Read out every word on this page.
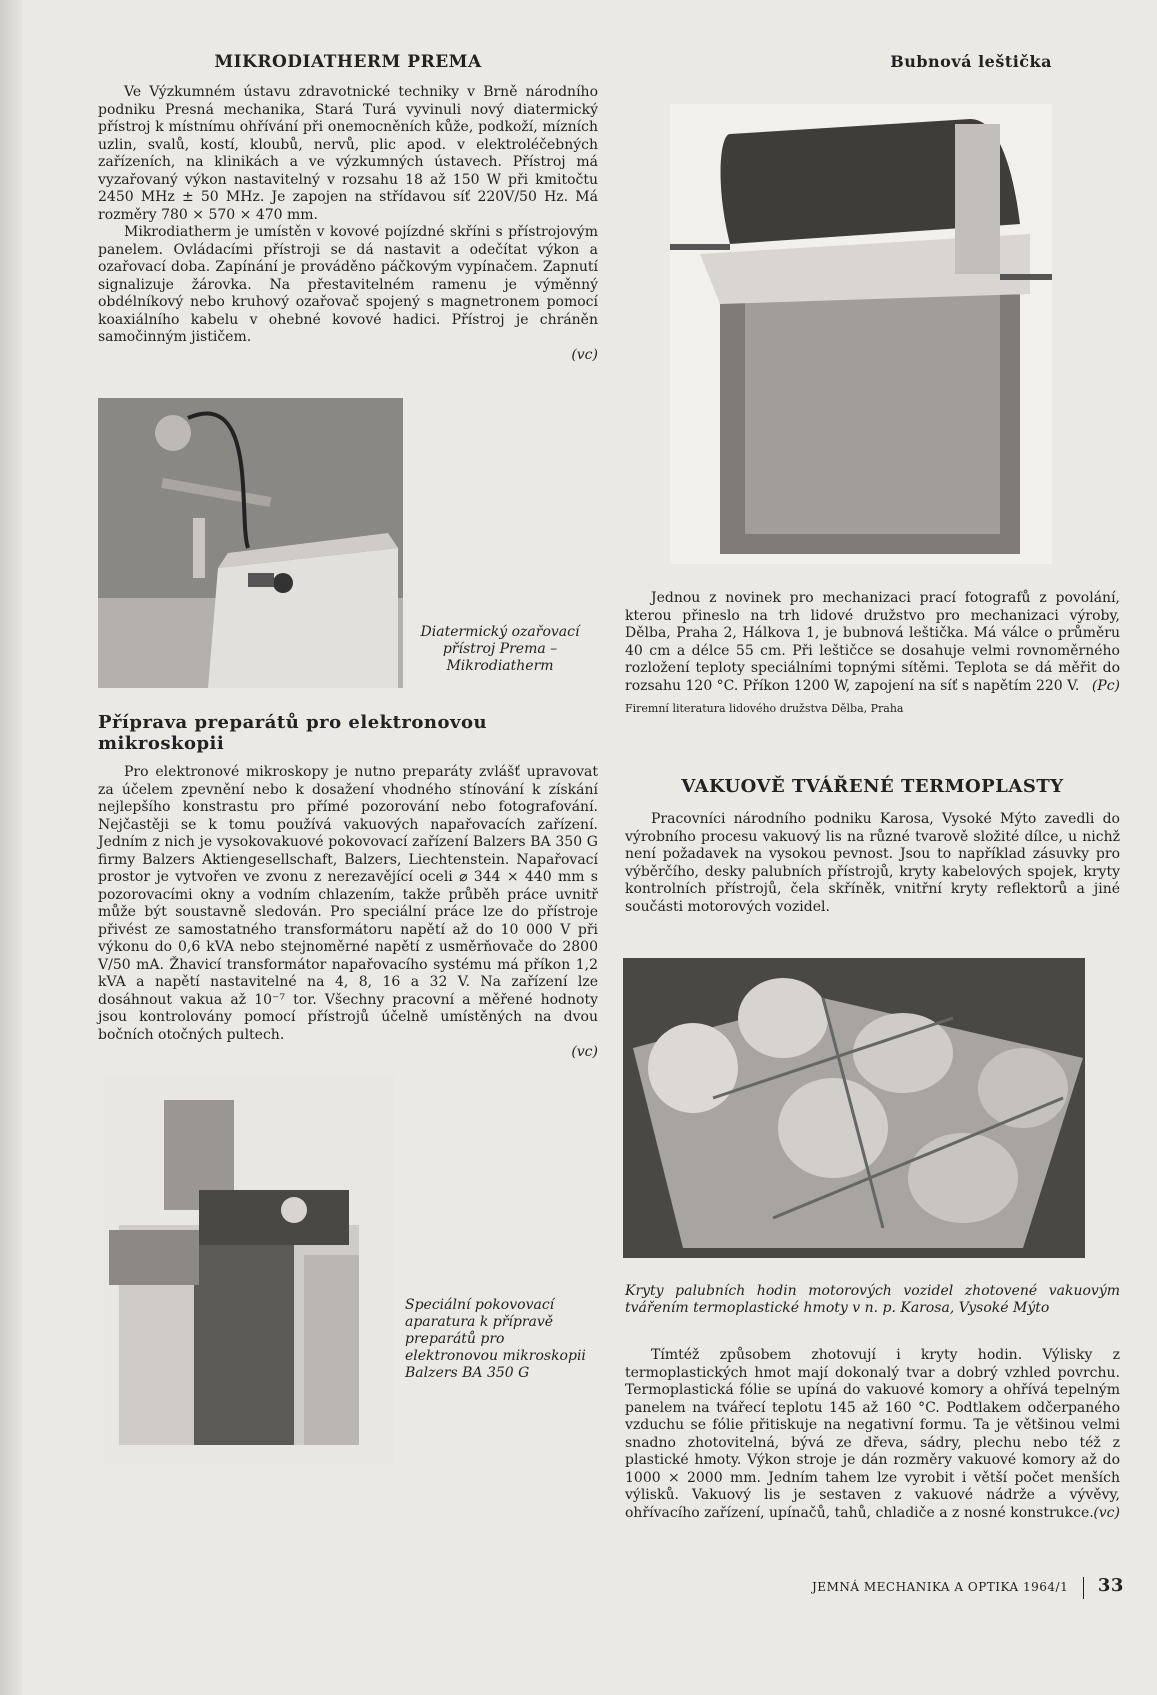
MIKRODIATHERM PREMA

Ve Výzkumném ústavu zdravotnické techniky v Brně národního podniku Presná mechanika, Stará Turá vyvinuli nový diatermický přístroj k místnímu ohřívání při onemocněních kůže, podkoží, mízních uzlin, svalů, kostí, kloubů, nervů, plic apod. v elektroléčebných zařízeních, na klinikách a ve výzkumných ústavech. Přístroj má vyzařovaný výkon nastavitelný v rozsahu 18 až 150 W při kmitočtu 2450 MHz ± 50 MHz. Je zapojen na střídavou síť 220V/50 Hz. Má rozměry 780 × 570 × 470 mm.

Mikrodiatherm je umístěn v kovové pojízdné skříni s přístrojovým panelem. Ovládacími přístroji se dá nastavit a odečítat výkon a ozařovací doba. Zapínání je prováděno páčkovým vypínačem. Zapnutí signalizuje žárovka. Na přestavitelném ramenu je výměnný obdélníkový nebo kruhový ozařovač spojený s magnetronem pomocí koaxiálního kabelu v ohebné kovové hadici. Přístroj je chráněn samočinným jističem.

(vc)

Diatermický ozařovací přístroj Prema – Mikrodiatherm

Příprava preparátů pro elektronovou mikroskopii

Pro elektronové mikroskopy je nutno preparáty zvlášť upravovat za účelem zpevnění nebo k dosažení vhodného stínování k získání nejlepšího konstrastu pro přímé pozorování nebo fotografování. Nejčastěji se k tomu používá vakuových napařovacích zařízení. Jedním z nich je vysokovakuové pokovovací zařízení Balzers BA 350 G firmy Balzers Aktiengesellschaft, Balzers, Liechtenstein. Napařovací prostor je vytvořen ve zvonu z nerezavějící oceli ⌀ 344 × 440 mm s pozorovacími okny a vodním chlazením, takže průběh práce uvnitř může být soustavně sledován. Pro speciální práce lze do přístroje přivést ze samostatného transformátoru napětí až do 10 000 V při výkonu do 0,6 kVA nebo stejnoměrné napětí z usměrňovače do 2800 V/50 mA. Žhavicí transformátor napařovacího systému má příkon 1,2 kVA a napětí nastavitelné na 4, 8, 16 a 32 V. Na zařízení lze dosáhnout vakua až 10⁻⁷ tor. Všechny pracovní a měřené hodnoty jsou kontrolovány pomocí přístrojů účelně umístěných na dvou bočních otočných pultech.

(vc)

Speciální pokovovací aparatura k přípravě preparátů pro elektronovou mikroskopii Balzers BA 350 G

Bubnová leštička

Jednou z novinek pro mechanizaci prací fotografů z povolání, kterou přineslo na trh lidové družstvo pro mechanizaci výroby, Dělba, Praha 2, Hálkova 1, je bubnová leštička. Má válce o průměru 40 cm a délce 55 cm. Při leštičce se dosahuje velmi rovnoměrného rozložení teploty speciálními topnými sítěmi. Teplota se dá měřit do rozsahu 120 °C. Příkon 1200 W, zapojení na síť s napětím 220 V. (Pc)

Firemní literatura lidového družstva Dělba, Praha

VAKUOVĚ TVÁŘENÉ TERMOPLASTY

Pracovníci národního podniku Karosa, Vysoké Mýto zavedli do výrobního procesu vakuový lis na různé tvarově složité dílce, u nichž není požadavek na vysokou pevnost. Jsou to například zásuvky pro výběrčího, desky palubních přístrojů, kryty kabelových spojek, kryty kontrolních přístrojů, čela skříněk, vnitřní kryty reflektorů a jiné součásti motorových vozidel.

Kryty palubních hodin motorových vozidel zhotovené vakuovým tvářením termoplastické hmoty v n. p. Karosa, Vysoké Mýto

Tímtéž způsobem zhotovují i kryty hodin. Výlisky z termoplastických hmot mají dokonalý tvar a dobrý vzhled povrchu. Termoplastická fólie se upíná do vakuové komory a ohřívá tepelným panelem na tvářecí teplotu 145 až 160 °C. Podtlakem odčerpaného vzduchu se fólie přitiskuje na negativní formu. Ta je většinou velmi snadno zhotovitelná, bývá ze dřeva, sádry, plechu nebo též z plastické hmoty. Výkon stroje je dán rozměry vakuové komory až do 1000 × 2000 mm. Jedním tahem lze vyrobit i větší počet menších výlisků. Vakuový lis je sestaven z vakuové nádrže a vývěvy, ohřívacího zařízení, upínačů, tahů, chladiče a z nosné konstrukce. (vc)
JEMNÁ MECHANIKA A OPTIKA 1964/1 33
